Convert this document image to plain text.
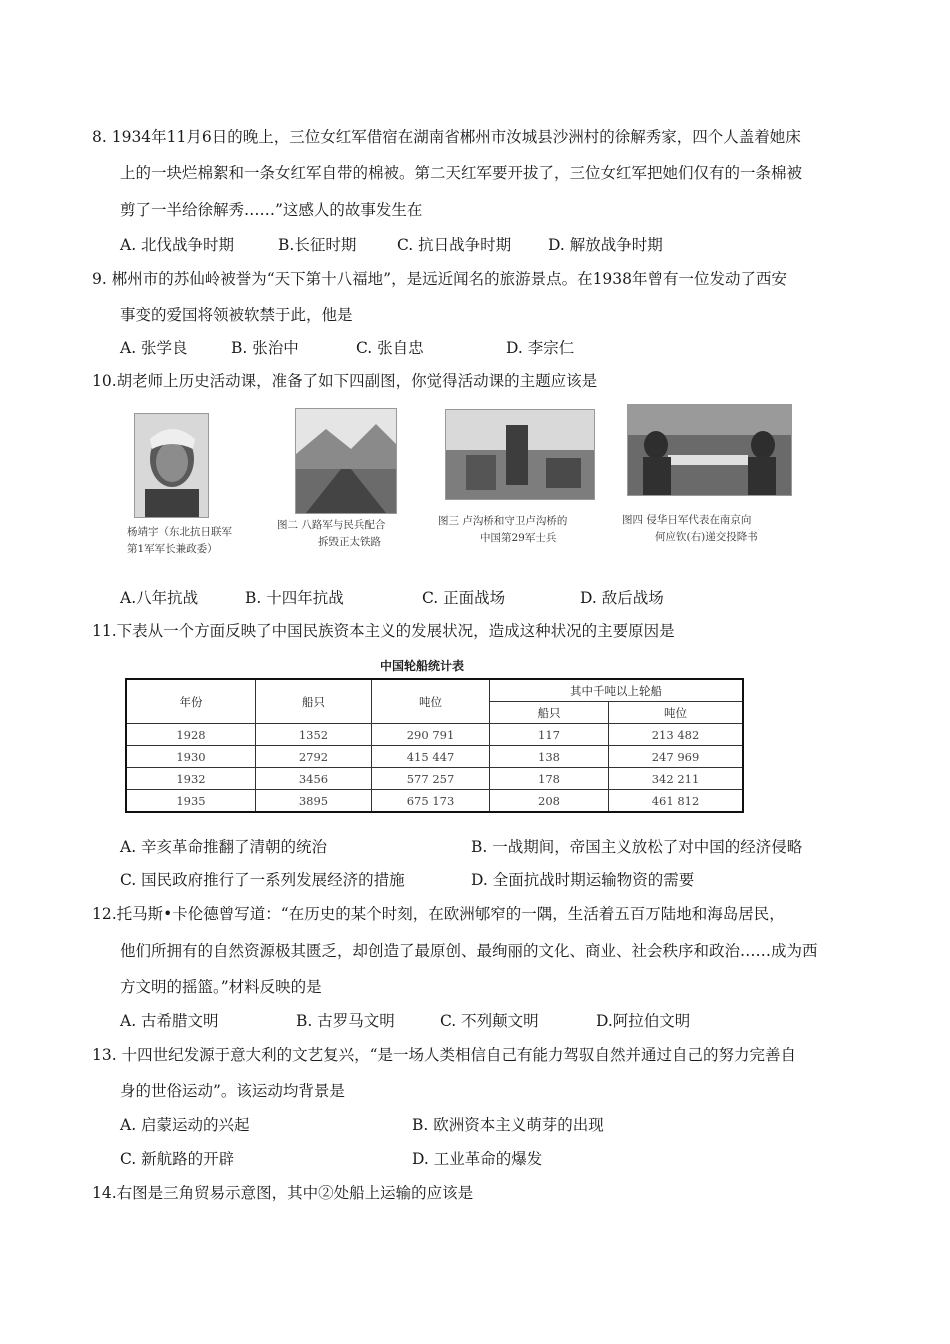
8. 1934年11月6日的晚上，三位女红军借宿在湖南省郴州市汝城县沙洲村的徐解秀家，四个人盖着她床
上的一块烂棉絮和一条女红军自带的棉被。第二天红军要开拔了，三位女红军把她们仅有的一条棉被
剪了一半给徐解秀……”这感人的故事发生在
A. 北伐战争时期	B.长征时期	C. 抗日战争时期 D. 解放战争时期
9. 郴州市的苏仙岭被誉为“天下第十八福地”，是远近闻名的旅游景点。在1938年曾有一位发动了西安
事变的爱国将领被软禁于此，他是
A. 张学良	B. 张治中	C. 张自忠	D. 李宗仁
10.胡老师上历史活动课，准备了如下四副图，你觉得活动课的主题应该是
杨靖宇（东北抗日联军
第1军军长兼政委）
图二 八路军与民兵配合
拆毁正太铁路
图三 卢沟桥和守卫卢沟桥的
中国第29军士兵
图四 侵华日军代表在南京向
何应钦(右)递交投降书
A.八年抗战	B. 十四年抗战	C. 正面战场	D. 敌后战场
11.下表从一个方面反映了中国民族资本主义的发展状况，造成这种状况的主要原因是
中国轮船统计表
年份	船只	吨位	其中千吨以上轮船	
			船只	吨位
1928	1352	290 791	117	213 482
1930	2792	415 447	138	247 969
1932	3456	577 257	178	342 211
1935	3895	675 173	208	461 812
A. 辛亥革命推翻了清朝的统治	B. 一战期间，帝国主义放松了对中国的经济侵略
C. 国民政府推行了一系列发展经济的措施	D. 全面抗战时期运输物资的需要
12.托马斯•卡伦德曾写道：“在历史的某个时刻，在欧洲郇窄的一隅，生活着五百万陆地和海岛居民，
他们所拥有的自然资源极其匮乏，却创造了最原创、最绚丽的文化、商业、社会秩序和政治……成为西
方文明的摇篮。”材料反映的是
A. 古希腊文明	B. 古罗马文明	C. 不列颠文明	D.阿拉伯文明
13. 十四世纪发源于意大利的文艺复兴，“是一场人类相信自己有能力驾驭自然并通过自己的努力完善自
身的世俗运动”。该运动均背景是
A. 启蒙运动的兴起	B. 欧洲资本主义萌芽的出现
C. 新航路的开辟	D. 工业革命的爆发
14.右图是三角贸易示意图，其中②处船上运输的应该是
